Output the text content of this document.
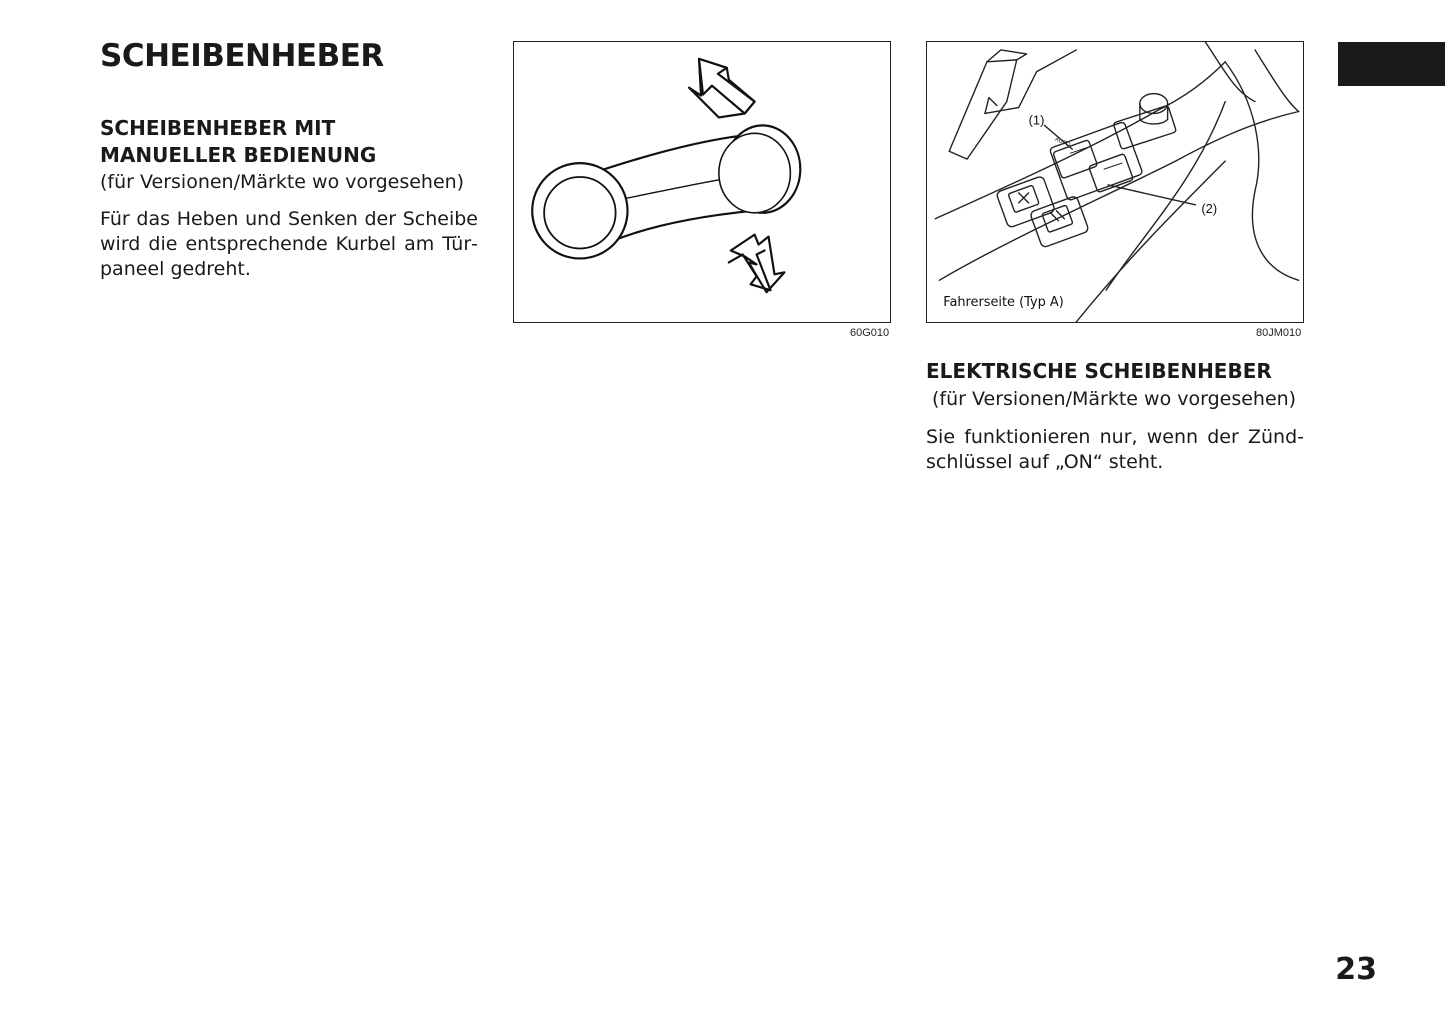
SCHEIBENHEBER
SCHEIBENHEBER MIT
MANUELLER BEDIENUNG

(für Versionen/Märkte wo vorgesehen)

Für das Heben und Senken der Scheibe wird die entsprechende Kurbel am Türpaneel gedreht.

60G010

AUTO
(1)
(2)
Fahrerseite (Typ A)

80JM010

ELEKTRISCHE SCHEIBENHEBER

(für Versionen/Märkte wo vorgesehen)

Sie funktionieren nur, wenn der Zündschlüssel auf „ON“ steht.

23
